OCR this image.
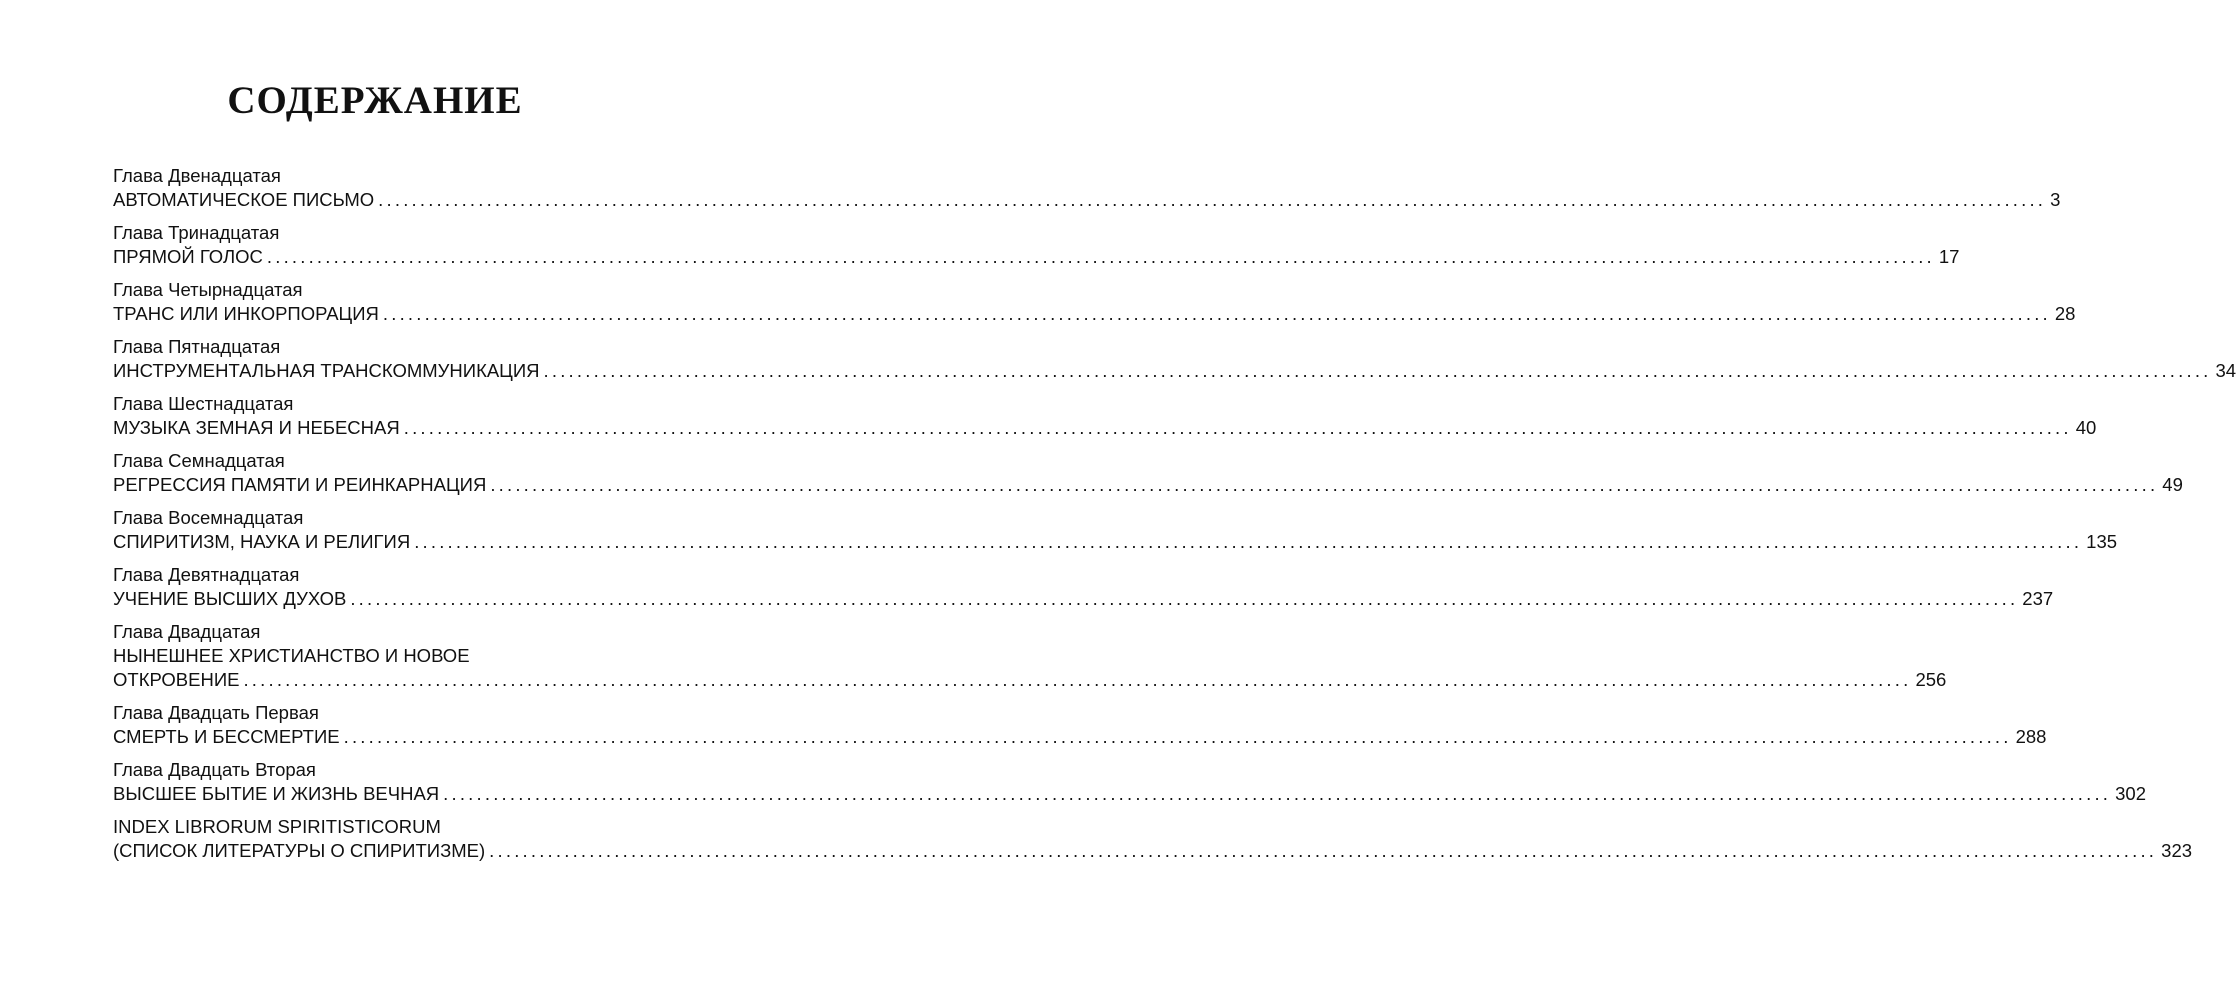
СОДЕРЖАНИЕ
Глава Двенадцатая
АВТОМАТИЧЕСКОЕ ПИСЬМО ........................................................................................................................................................................................................ 3
Глава Тринадцатая
ПРЯМОЙ ГОЛОС ........................................................................................................................................................................................................ 17
Глава Четырнадцатая
ТРАНС ИЛИ ИНКОРПОРАЦИЯ ........................................................................................................................................................................................................ 28
Глава Пятнадцатая
ИНСТРУМЕНТАЛЬНАЯ ТРАНСКОММУНИКАЦИЯ ........................................................................................................................................................................................................ 34
Глава Шестнадцатая
МУЗЫКА ЗЕМНАЯ И НЕБЕСНАЯ ........................................................................................................................................................................................................ 40
Глава Семнадцатая
РЕГРЕССИЯ ПАМЯТИ И РЕИНКАРНАЦИЯ ........................................................................................................................................................................................................ 49
Глава Восемнадцатая
СПИРИТИЗМ, НАУКА И РЕЛИГИЯ ........................................................................................................................................................................................................ 135
Глава Девятнадцатая
УЧЕНИЕ ВЫСШИХ ДУХОВ ........................................................................................................................................................................................................ 237
Глава Двадцатая
НЫНЕШНЕЕ ХРИСТИАНСТВО И НОВОЕ
ОТКРОВЕНИЕ ........................................................................................................................................................................................................ 256
Глава Двадцать Первая
СМЕРТЬ И БЕССМЕРТИЕ ........................................................................................................................................................................................................ 288
Глава Двадцать Вторая
ВЫСШЕЕ БЫТИЕ И ЖИЗНЬ ВЕЧНАЯ ........................................................................................................................................................................................................ 302
INDEX LIBRORUM SPIRITISTICORUM
(СПИСОК ЛИТЕРАТУРЫ О СПИРИТИЗМЕ) ........................................................................................................................................................................................................ 323
